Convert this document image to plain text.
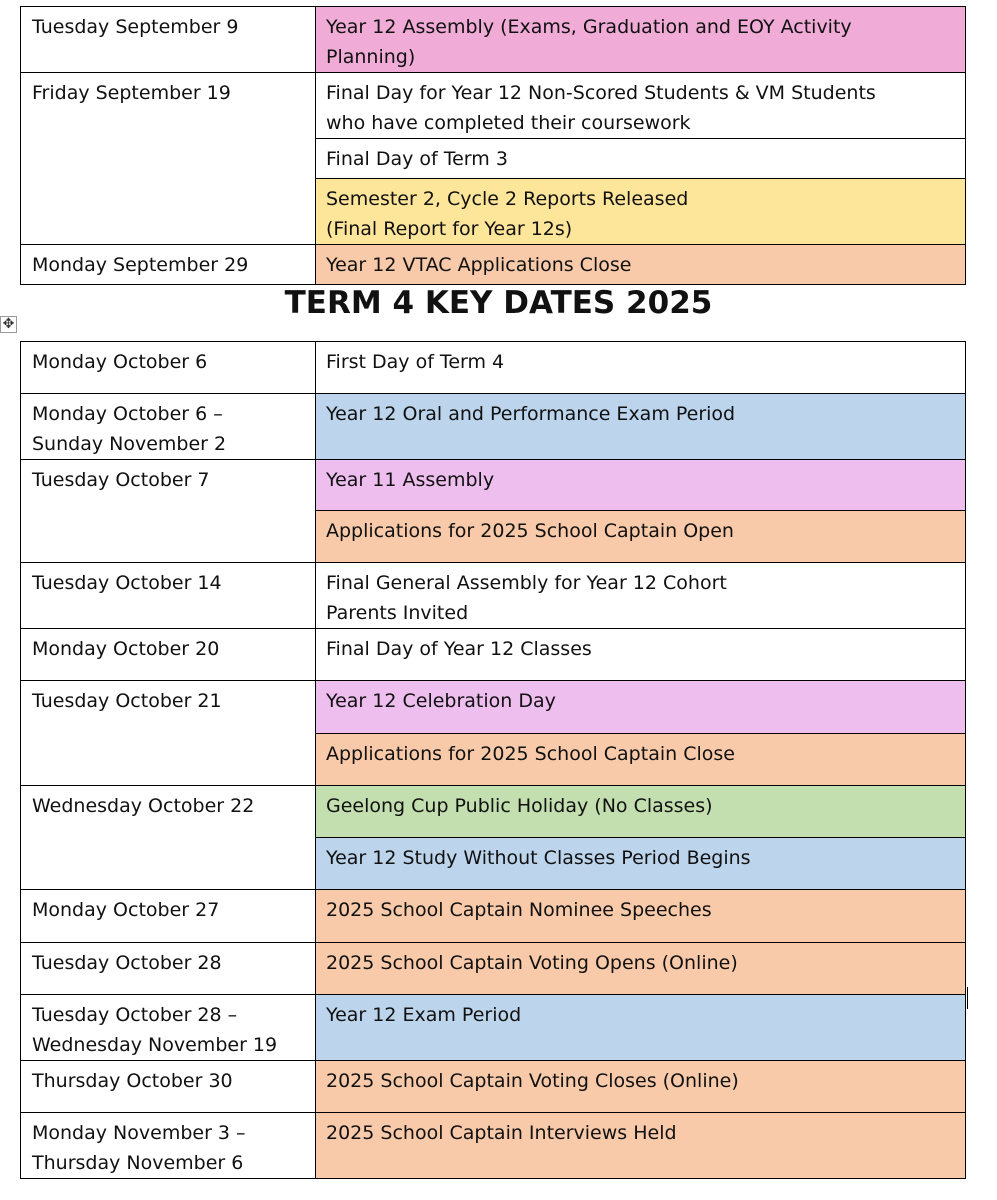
Tuesday September 9	Year 12 Assembly (Exams, Graduation and EOY Activity
Planning)
Friday September 19	Final Day for Year 12 Non-Scored Students & VM Students
who have completed their coursework
	Final Day of Term 3
	Semester 2, Cycle 2 Reports Released
(Final Report for Year 12s)
Monday September 29	Year 12 VTAC Applications Close
TERM 4 KEY DATES 2025
✥
Monday October 6	First Day of Term 4
Monday October 6 –
Sunday November 2	Year 12 Oral and Performance Exam Period
Tuesday October 7	Year 11 Assembly
	Applications for 2025 School Captain Open
Tuesday October 14	Final General Assembly for Year 12 Cohort
Parents Invited
Monday October 20	Final Day of Year 12 Classes
Tuesday October 21	Year 12 Celebration Day
	Applications for 2025 School Captain Close
Wednesday October 22	Geelong Cup Public Holiday (No Classes)
	Year 12 Study Without Classes Period Begins
Monday October 27	2025 School Captain Nominee Speeches
Tuesday October 28	2025 School Captain Voting Opens (Online)
Tuesday October 28 –
Wednesday November 19	Year 12 Exam Period
Thursday October 30	2025 School Captain Voting Closes (Online)
Monday November 3 –
Thursday November 6	2025 School Captain Interviews Held
